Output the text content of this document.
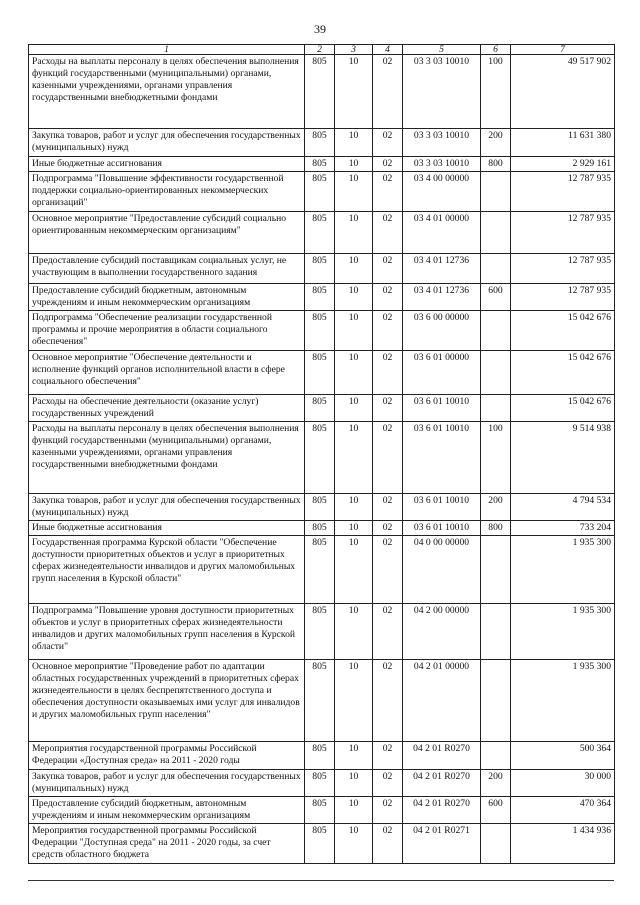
39
1	2	3	4	5	6	7
Расходы на выплаты персоналу в целях обеспечения выполнения функций государственными (муниципальными) органами, казенными учреждениями, органами управления государственными внебюджетными фондами	805	10	02	03 3 03 10010	100	49 517 902
Закупка товаров, работ и услуг для обеспечения государственных (муниципальных) нужд	805	10	02	03 3 03 10010	200	11 631 380
Иные бюджетные ассигнования	805	10	02	03 3 03 10010	800	2 929 161
Подпрограмма "Повышение эффективности государственной поддержки социально-ориентированных некоммерческих организаций"	805	10	02	03 4 00 00000		12 787 935
Основное мероприятие "Предоставление субсидий социально ориентированным некоммерческим организациям"	805	10	02	03 4 01 00000		12 787 935
Предоставление субсидий поставщикам социальных услуг, не участвующим в выполнении государственного задания	805	10	02	03 4 01 12736		12 787 935
Предоставление субсидий бюджетным, автономным учреждениям и иным некоммерческим организациям	805	10	02	03 4 01 12736	600	12 787 935
Подпрограмма "Обеспечение реализации государственной программы и прочие мероприятия в области социального обеспечения"	805	10	02	03 6 00 00000		15 042 676
Основное мероприятие "Обеспечение деятельности и исполнение функций органов исполнительной власти в сфере социального обеспечения"	805	10	02	03 6 01 00000		15 042 676
Расходы на обеспечение деятельности (оказание услуг) государственных учреждений	805	10	02	03 6 01 10010		15 042 676
Расходы на выплаты персоналу в целях обеспечения выполнения функций государственными (муниципальными) органами, казенными учреждениями, органами управления государственными внебюджетными фондами	805	10	02	03 6 01 10010	100	9 514 938
Закупка товаров, работ и услуг для обеспечения государственных (муниципальных) нужд	805	10	02	03 6 01 10010	200	4 794 534
Иные бюджетные ассигнования	805	10	02	03 6 01 10010	800	733 204
Государственная программа Курской области "Обеспечение доступности приоритетных объектов и услуг в приоритетных сферах жизнедеятельности инвалидов и других маломобильных групп населения в Курской области"	805	10	02	04 0 00 00000		1 935 300
Подпрограмма "Повышение уровня доступности приоритетных объектов и услуг в приоритетных сферах жизнедеятельности инвалидов и других маломобильных групп населения в Курской области"	805	10	02	04 2 00 00000		1 935 300
Основное мероприятие "Проведение работ по адаптации областных государственных учреждений в приоритетных сферах жизнедеятельности в целях беспрепятственного доступа и обеспечения доступности оказываемых ими услуг для инвалидов и других маломобильных групп населения"	805	10	02	04 2 01 00000		1 935 300
Мероприятия государственной программы Российской Федерации «Доступная среда» на 2011 - 2020 годы	805	10	02	04 2 01 R0270		500 364
Закупка товаров, работ и услуг для обеспечения государственных (муниципальных) нужд	805	10	02	04 2 01 R0270	200	30 000
Предоставление субсидий бюджетным, автономным учреждениям и иным некоммерческим организациям	805	10	02	04 2 01 R0270	600	470 364
Мероприятия государственной программы Российской Федерации "Доступная среда" на 2011 - 2020 годы, за счет средств областного бюджета	805	10	02	04 2 01 R0271		1 434 936
